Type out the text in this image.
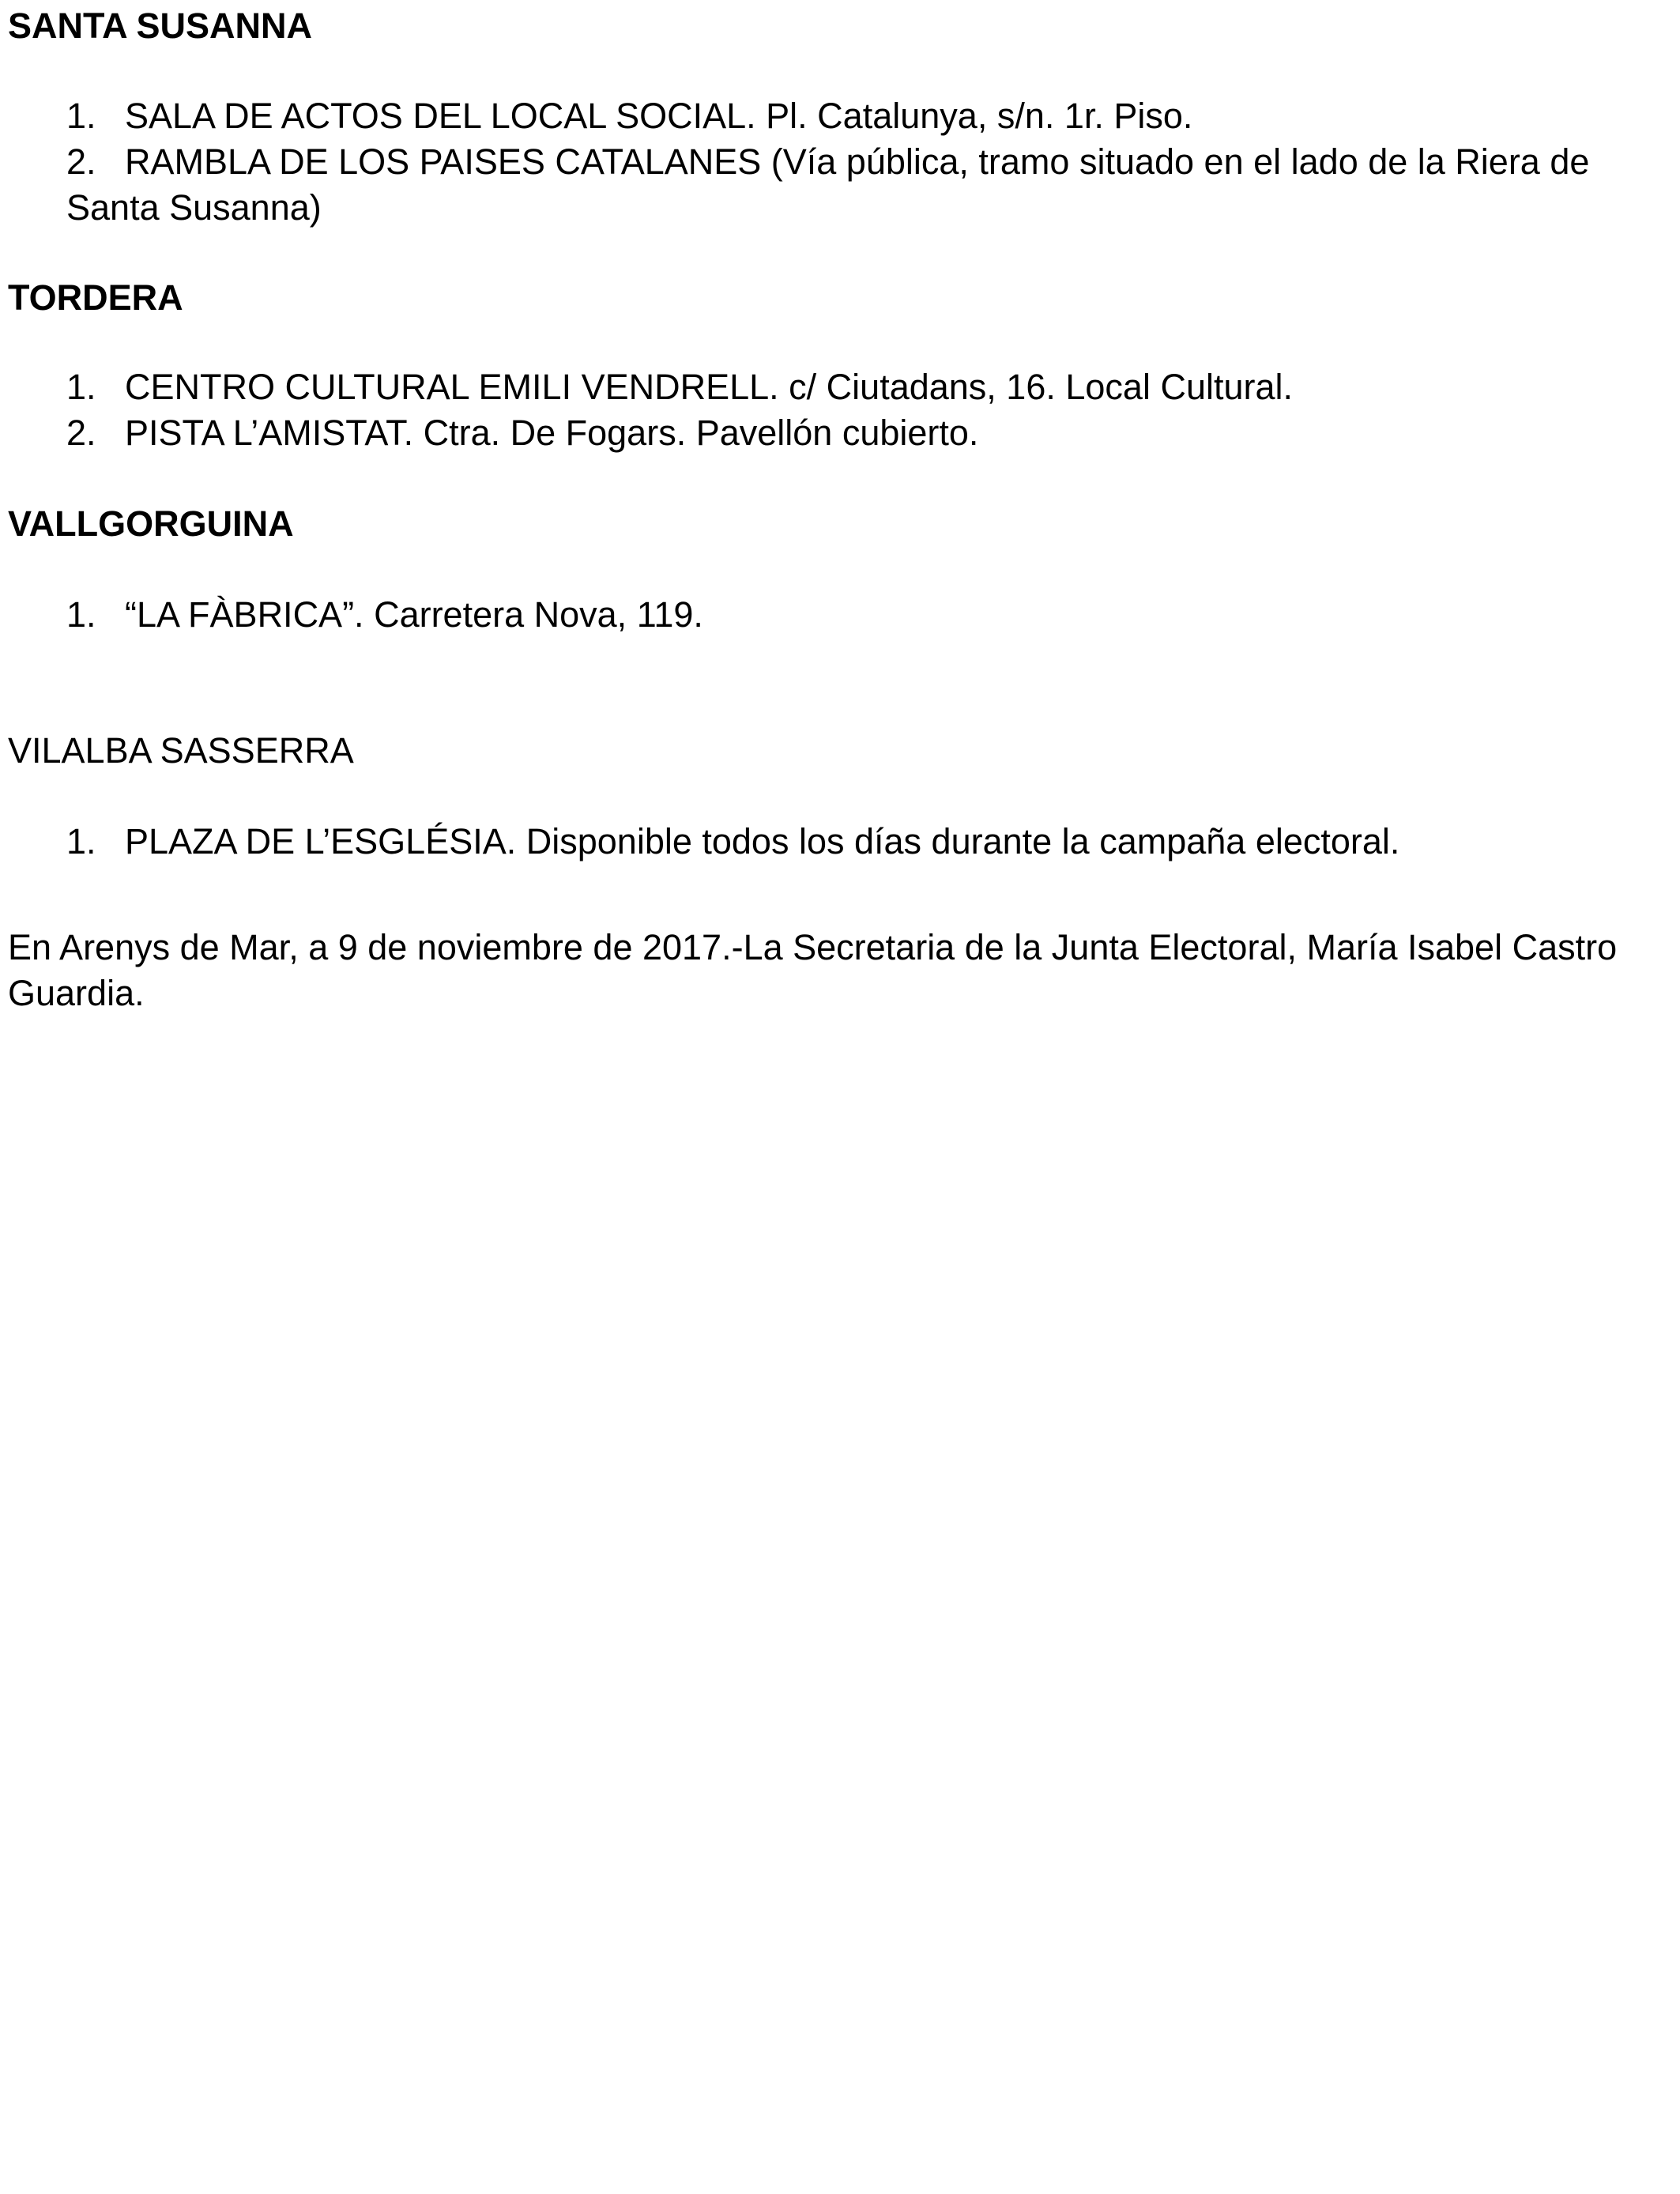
SANTA SUSANNA
1. SALA DE ACTOS DEL LOCAL SOCIAL. Pl. Catalunya, s/n. 1r. Piso.
2. RAMBLA DE LOS PAISES CATALANES (Vía pública, tramo situado en el lado de la Riera de Santa Susanna)
TORDERA
1. CENTRO CULTURAL EMILI VENDRELL. c/ Ciutadans, 16. Local Cultural.
2. PISTA L’AMISTAT. Ctra. De Fogars. Pavellón cubierto.
VALLGORGUINA
1. “LA FÀBRICA”. Carretera Nova, 119.
VILALBA SASSERRA
1. PLAZA DE L’ESGLÉSIA. Disponible todos los días durante la campaña electoral.

En Arenys de Mar, a 9 de noviembre de 2017.-La Secretaria de la Junta Electoral, María Isabel Castro Guardia.
